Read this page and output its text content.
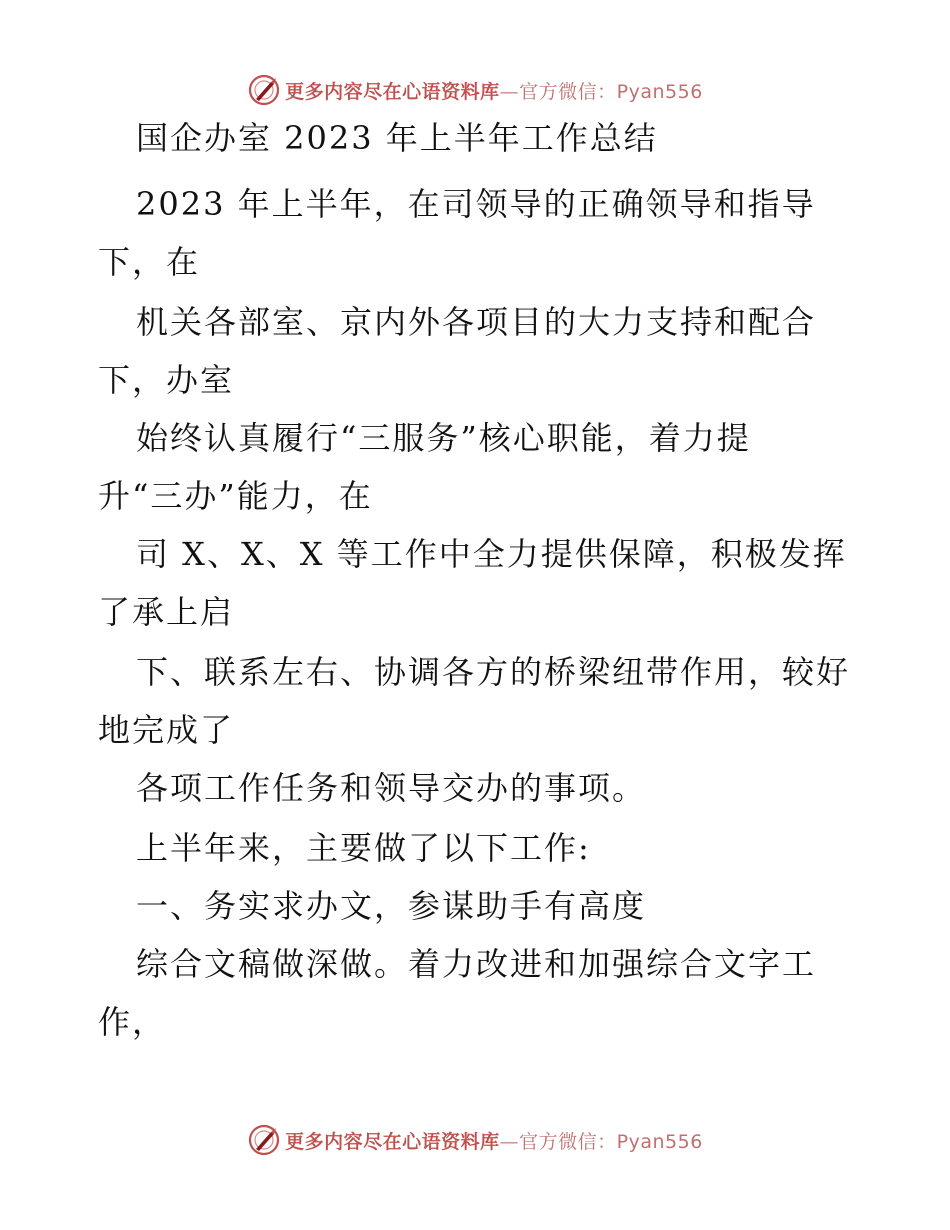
更多内容尽在心语资料库—官方微信：Pyan556
国企办室 2023 年上半年工作总结
2023 年上半年，在司领导的正确领导和指导
下，在
机关各部室、京内外各项目的大力支持和配合
下，办室
始终认真履行“三服务”核心职能，着力提
升“三办”能力，在
司 X、X、X 等工作中全力提供保障，积极发挥
了承上启
下、联系左右、协调各方的桥梁纽带作用，较好
地完成了
各项工作任务和领导交办的事项。
上半年来，主要做了以下工作:
一、务实求办文，参谋助手有高度
综合文稿做深做。着力改进和加强综合文字工
作，
更多内容尽在心语资料库—官方微信：Pyan556
